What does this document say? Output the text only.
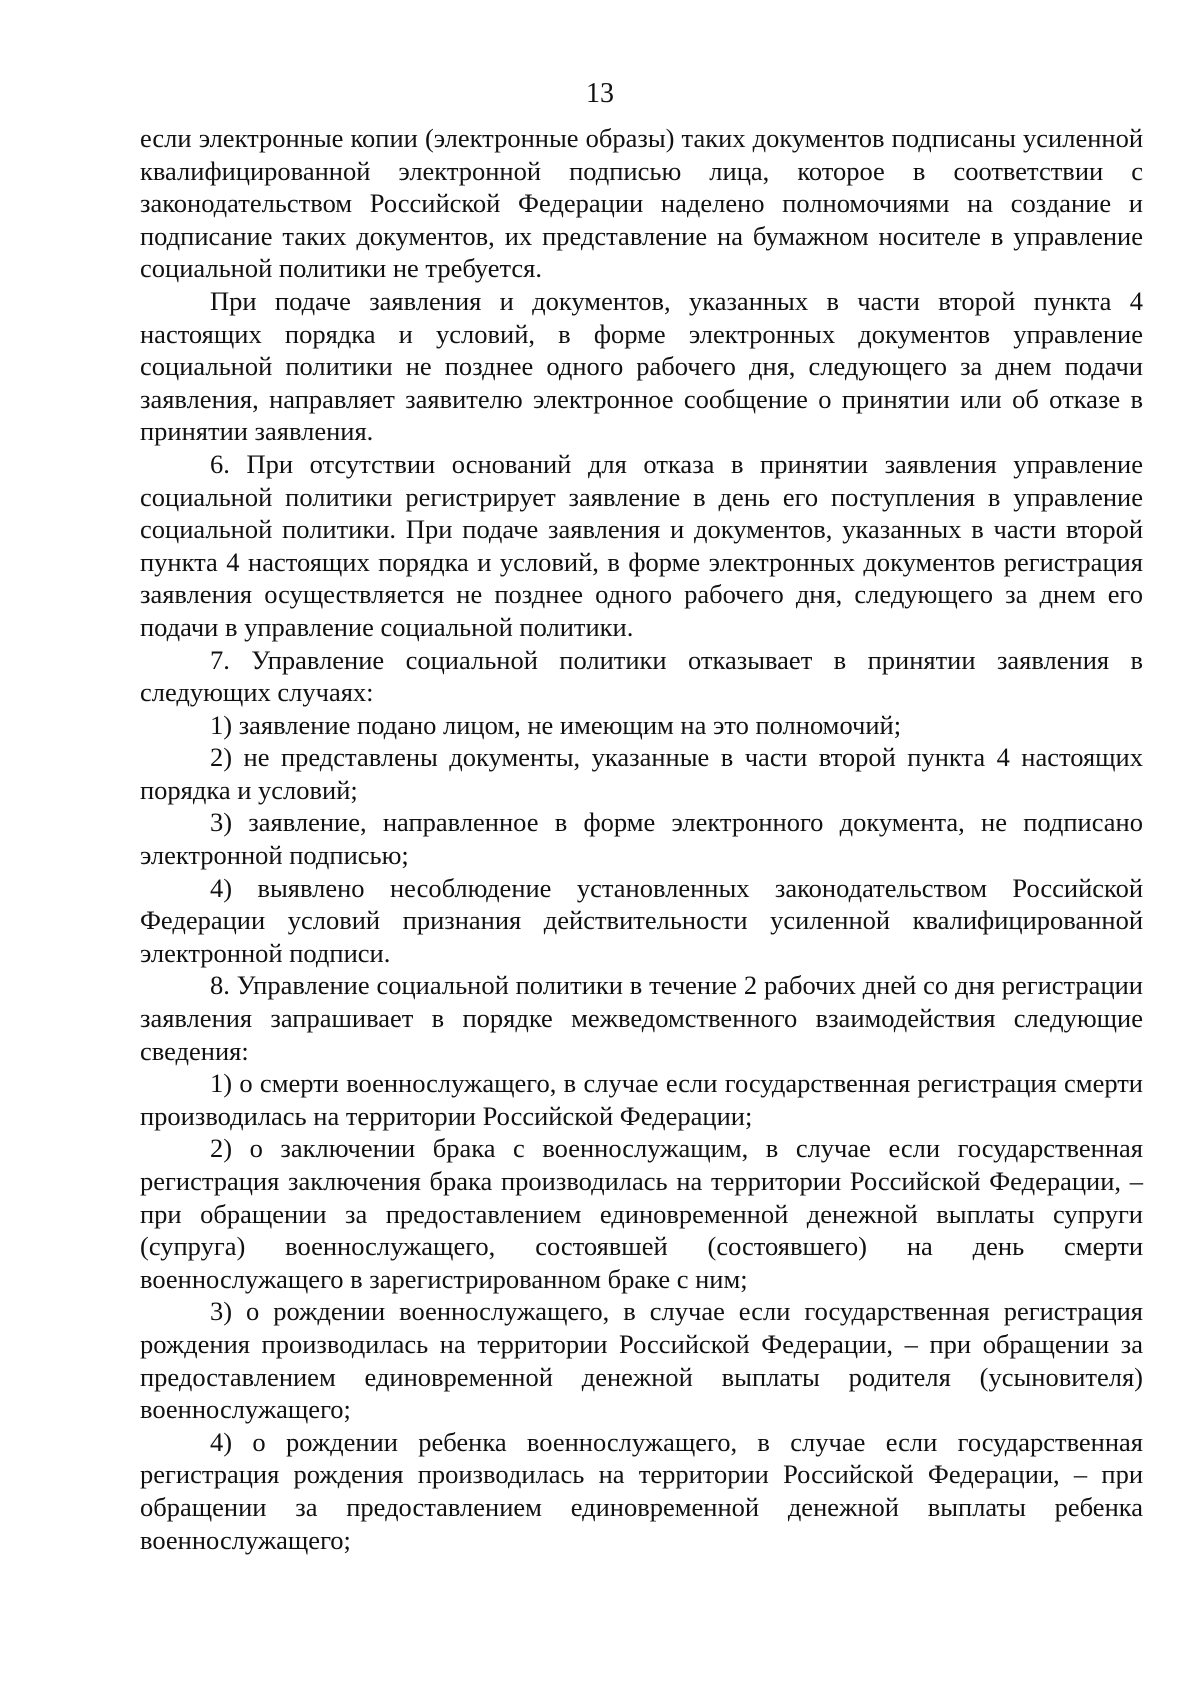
13

если электронные копии (электронные образы) таких документов подписаны усиленной квалифицированной электронной подписью лица, которое в соответствии с законодательством Российской Федерации наделено полномочиями на создание и подписание таких документов, их представление на бумажном носителе в управление социальной политики не требуется.

При подаче заявления и документов, указанных в части второй пункта 4 настоящих порядка и условий, в форме электронных документов управление социальной политики не позднее одного рабочего дня, следующего за днем подачи заявления, направляет заявителю электронное сообщение о принятии или об отказе в принятии заявления.

6. При отсутствии оснований для отказа в принятии заявления управление социальной политики регистрирует заявление в день его поступления в управление социальной политики. При подаче заявления и документов, указанных в части второй пункта 4 настоящих порядка и условий, в форме электронных документов регистрация заявления осуществляется не позднее одного рабочего дня, следующего за днем его подачи в управление социальной политики.

7. Управление социальной политики отказывает в принятии заявления в следующих случаях:

1) заявление подано лицом, не имеющим на это полномочий;

2) не представлены документы, указанные в части второй пункта 4 настоящих порядка и условий;

3) заявление, направленное в форме электронного документа, не подписано электронной подписью;

4) выявлено несоблюдение установленных законодательством Российской Федерации условий признания действительности усиленной квалифицированной электронной подписи.

8. Управление социальной политики в течение 2 рабочих дней со дня регистрации заявления запрашивает в порядке межведомственного взаимодействия следующие сведения:

1) о смерти военнослужащего, в случае если государственная регистрация смерти производилась на территории Российской Федерации;

2) о заключении брака с военнослужащим, в случае если государственная регистрация заключения брака производилась на территории Российской Федерации, – при обращении за предоставлением единовременной денежной выплаты супруги (супруга) военнослужащего, состоявшей (состоявшего) на день смерти военнослужащего в зарегистрированном браке с ним;

3) о рождении военнослужащего, в случае если государственная регистрация рождения производилась на территории Российской Федерации, – при обращении за предоставлением единовременной денежной выплаты родителя (усыновителя) военнослужащего;

4) о рождении ребенка военнослужащего, в случае если государственная регистрация рождения производилась на территории Российской Федерации, – при обращении за предоставлением единовременной денежной выплаты ребенка военнослужащего;
